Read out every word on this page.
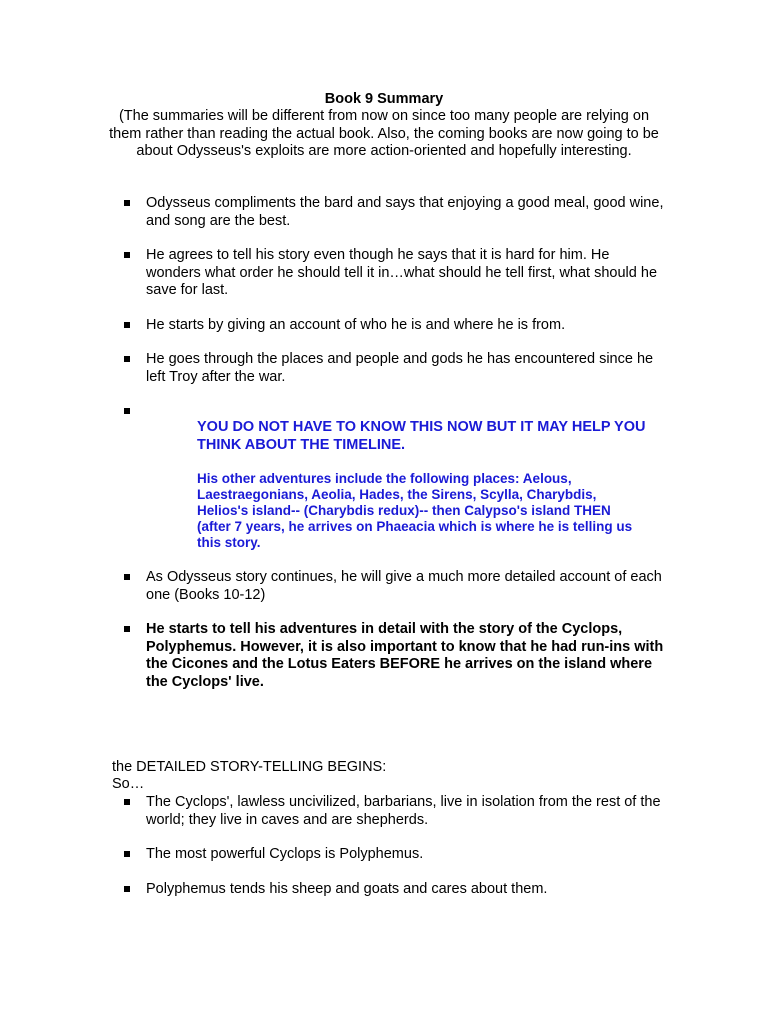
Book 9 Summary
(The summaries will be different from now on since too many people are relying on them rather than reading the actual book. Also, the coming books are now going to be about Odysseus's exploits are more action-oriented and hopefully interesting.
Odysseus compliments the bard and says that enjoying a good meal, good wine, and song are the best.
He agrees to tell his story even though he says that it is hard for him. He wonders what order he should tell it in…what should he tell first, what should he save for last.
He starts by giving an account of who he is and where he is from.
He goes through the places and people and gods he has encountered since he left Troy after the war.

YOU DO NOT HAVE TO KNOW THIS NOW BUT IT MAY HELP YOU THINK ABOUT THE TIMELINE.

His other adventures include the following places: Aelous, Laestraegonians, Aeolia, Hades, the Sirens, Scylla, Charybdis, Helios's island-- (Charybdis redux)-- then Calypso's island THEN (after 7 years, he arrives on Phaeacia which is where he is telling us this story.

As Odysseus story continues, he will give a much more detailed account of each one (Books 10-12)
He starts to tell his adventures in detail with the story of the Cyclops, Polyphemus. However, it is also important to know that he had run-ins with the Cicones and the Lotus Eaters BEFORE he arrives on the island where the Cyclops' live.
the DETAILED STORY-TELLING BEGINS:
So…
The Cyclops', lawless uncivilized, barbarians, live in isolation from the rest of the world; they live in caves and are shepherds.
The most powerful Cyclops is Polyphemus.
Polyphemus tends his sheep and goats and cares about them.
